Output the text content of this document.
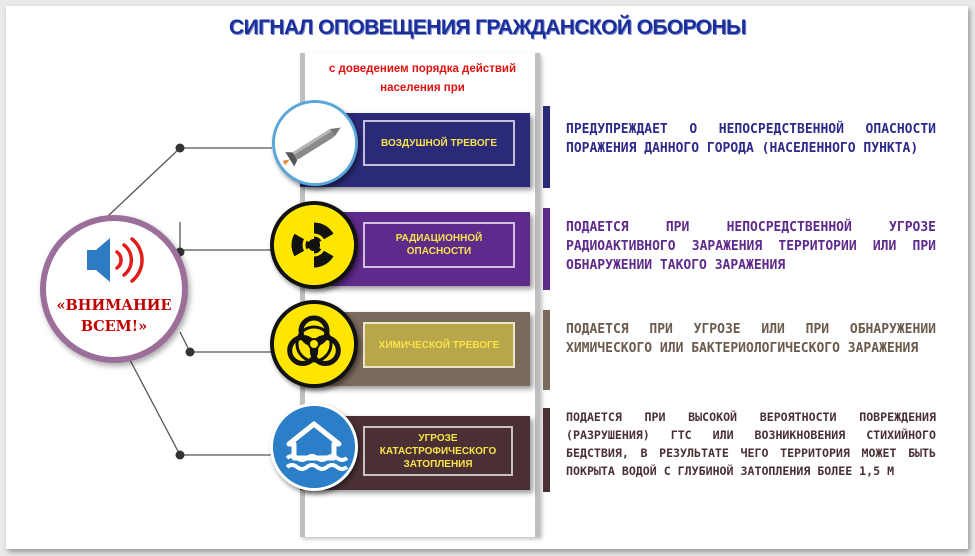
СИГНАЛ ОПОВЕЩЕНИЯ ГРАЖДАНСКОЙ ОБОРОНЫ
с доведением порядка действий населения при
ВОЗДУШНОЙ ТРЕВОГЕ
РАДИАЦИОННОЙ ОПАСНОСТИ
ХИМИЧЕСКОЙ ТРЕВОГЕ
УГРОЗЕ КАТАСТРОФИЧЕСКОГО ЗАТОПЛЕНИЯ
ПРЕДУПРЕЖДАЕТ О НЕПОСРЕДСТВЕННОЙ ОПАСНОСТИ ПОРАЖЕНИЯ ДАННОГО ГОРОДА (НАСЕЛЕННОГО ПУНКТА)
ПОДАЕТСЯ ПРИ НЕПОСРЕДСТВЕННОЙ УГРОЗЕ РАДИОАКТИВНОГО ЗАРАЖЕНИЯ ТЕРРИТОРИИ ИЛИ ПРИ ОБНАРУЖЕНИИ ТАКОГО ЗАРАЖЕНИЯ
ПОДАЕТСЯ ПРИ УГРОЗЕ ИЛИ ПРИ ОБНАРУЖЕНИИ ХИМИЧЕСКОГО ИЛИ БАКТЕРИОЛОГИЧЕСКОГО ЗАРАЖЕНИЯ
ПОДАЕТСЯ ПРИ ВЫСОКОЙ ВЕРОЯТНОСТИ ПОВРЕЖДЕНИЯ (РАЗРУШЕНИЯ) ГТС ИЛИ ВОЗНИКНОВЕНИЯ СТИХИЙНОГО БЕДСТВИЯ, В РЕЗУЛЬТАТЕ ЧЕГО ТЕРРИТОРИЯ МОЖЕТ БЫТЬ ПОКРЫТА ВОДОЙ С ГЛУБИНОЙ ЗАТОПЛЕНИЯ БОЛЕЕ 1,5 М
«ВНИМАНИЕ ВСЕМ!»
